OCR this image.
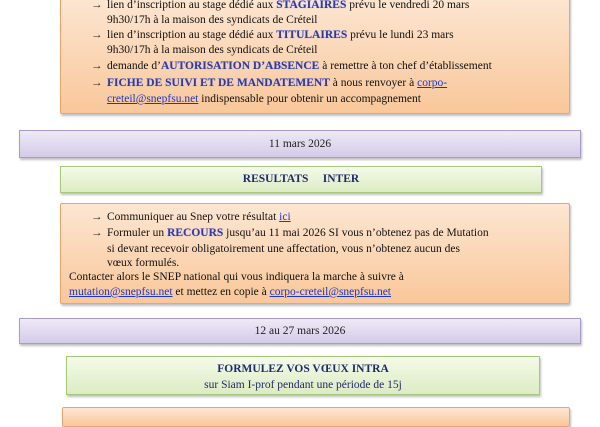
→ lien d’inscription au stage dédié aux STAGIAIRES prévu le vendredi 20 mars
9h30/17h à la maison des syndicats de Créteil
→ lien d’inscription au stage dédié aux TITULAIRES prévu le lundi 23 mars
9h30/17h à la maison des syndicats de Créteil
→ demande d’AUTORISATION D’ABSENCE à remettre à ton chef d’établissement
→ FICHE DE SUIVI ET DE MANDATEMENT à nous renvoyer à corpo-
creteil@snepfsu.net indispensable pour obtenir un accompagnement
11 mars 2026
RESULTATS     INTER
→ Communiquer au Snep votre résultat ici
→ Formuler un RECOURS jusqu’au 11 mai 2026 SI vous n’obtenez pas de Mutation
si devant recevoir obligatoirement une affectation, vous n’obtenez aucun des
vœux formulés.
Contacter alors le SNEP national qui vous indiquera la marche à suivre à
mutation@snepfsu.net et mettez en copie à corpo-creteil@snepfsu.net
12 au 27 mars 2026
FORMULEZ VOS VŒUX INTRA
sur Siam I-prof pendant une période de 15j
